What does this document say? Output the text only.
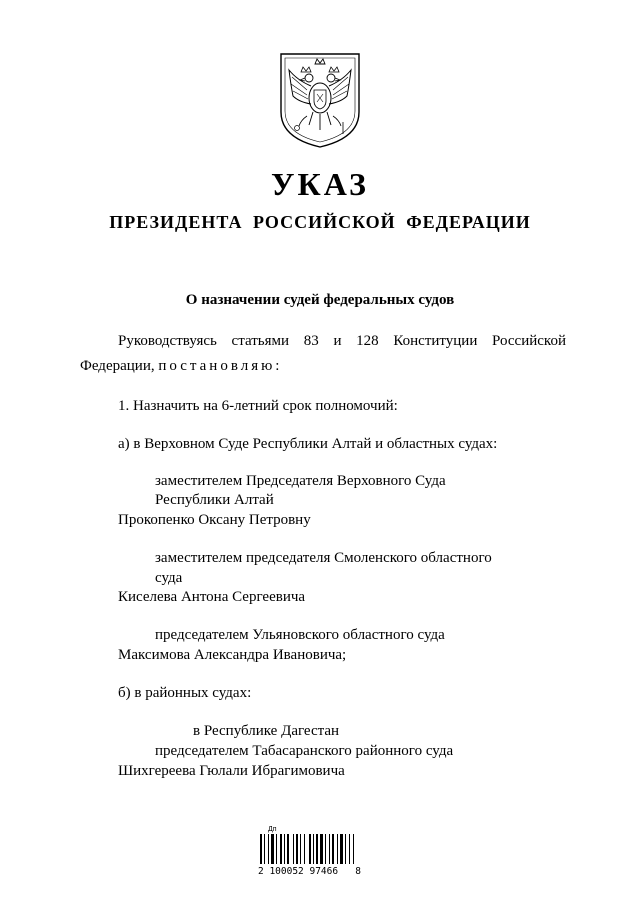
УКАЗ
ПРЕЗИДЕНТА РОССИЙСКОЙ ФЕДЕРАЦИИ
О назначении судей федеральных судов
Руководствуясь статьями 83 и 128 Конституции Российской
Федерации, постановляю:
1. Назначить на 6-летний срок полномочий:
а) в Верховном Суде Республики Алтай и областных судах:
заместителем Председателя Верховного Суда
Республики Алтай
Прокопенко Оксану Петровну
заместителем председателя Смоленского областного
суда
Киселева Антона Сергеевича
председателем Ульяновского областного суда
Максимова Александра Ивановича;
б) в районных судах:
в Республике Дагестан
председателем Табасаранского районного суда
Шихгереева Гюлали Ибрагимовича
Дп
2 100052 97466   8
